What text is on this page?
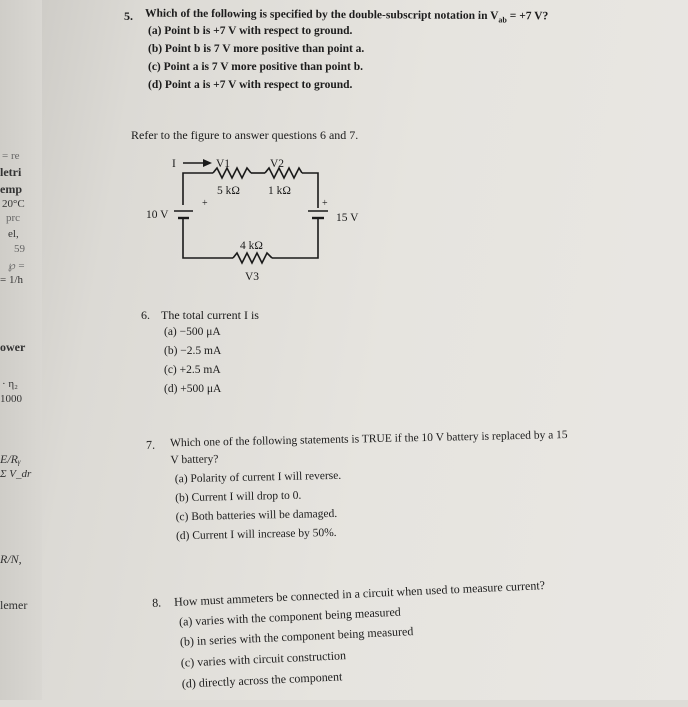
= re
letri
emp
20°C
prc
el,
59
℘ =
= 1/h
ower
· η₂
1000
E/Rᵧ
Σ V_dr
R/N,
lemer
5. Which of the following is specified by the double-subscript notation in $V_{ab} = +7$ V?
(a) Point b is +7 V with respect to ground.
(b) Point b is 7 V more positive than point a.
(c) Point a is 7 V more positive than point b.
(d) Point a is +7 V with respect to ground.
Refer to the figure to answer questions 6 and 7.
I	V1	V2
5 kΩ 1 kΩ
+	+
10 V	15 V
4 kΩ
V3
6. The total current I is
(a) −500 μA
(b) −2.5 mA
(c) +2.5 mA
(d) +500 μA
7. Which one of the following statements is TRUE if the 10 V battery is replaced by a 15
V battery?
(a) Polarity of current I will reverse.
(b) Current I will drop to 0.
(c) Both batteries will be damaged.
(d) Current I will increase by 50%.
8. How must ammeters be connected in a circuit when used to measure current?
(a) varies with the component being measured
(b) in series with the component being measured
(c) varies with circuit construction
(d) directly across the component
